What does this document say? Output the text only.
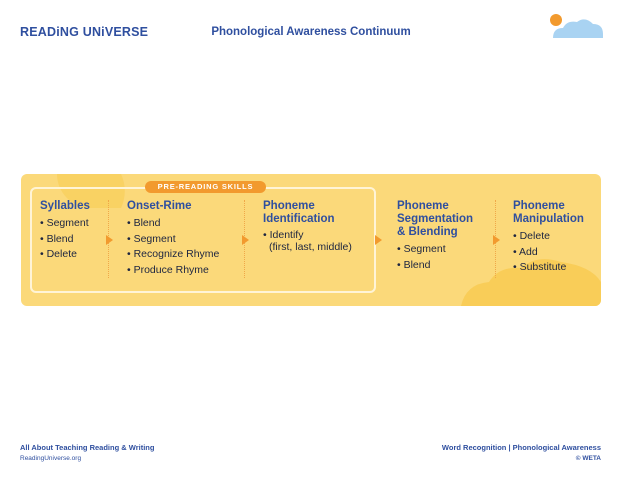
READiNG UNiVERSE	Phonological Awareness Continuum
PRE-READING SKILLS
Syllables
• Segment
• Blend
• Delete
Onset-Rime
• Blend
• Segment
• Recognize Rhyme
• Produce Rhyme
Phoneme
Identification
• Identify
(first, last, middle)
Phoneme
Segmentation
& Blending
• Segment
• Blend
Phoneme
Manipulation
• Delete
• Add
• Substitute
All About Teaching Reading & Writing
ReadingUniverse.org
Word Recognition | Phonological Awareness
© WETA
